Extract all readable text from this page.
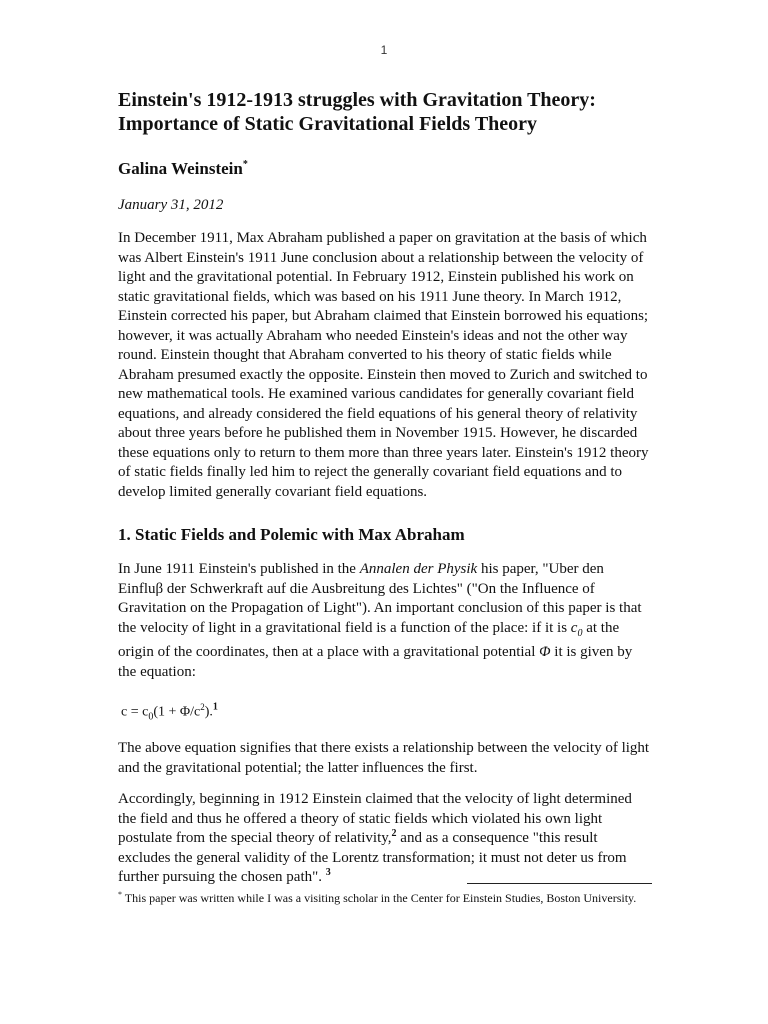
1
Einstein's 1912-1913 struggles with Gravitation Theory:
Importance of Static Gravitational Fields Theory
Galina Weinstein*
January 31, 2012

In December 1911, Max Abraham published a paper on gravitation at the basis of which was Albert Einstein's 1911 June conclusion about a relationship between the velocity of light and the gravitational potential. In February 1912, Einstein published his work on static gravitational fields, which was based on his 1911 June theory. In March 1912, Einstein corrected his paper, but Abraham claimed that Einstein borrowed his equations; however, it was actually Abraham who needed Einstein's ideas and not the other way round. Einstein thought that Abraham converted to his theory of static fields while Abraham presumed exactly the opposite. Einstein then moved to Zurich and switched to new mathematical tools. He examined various candidates for generally covariant field equations, and already considered the field equations of his general theory of relativity about three years before he published them in November 1915. However, he discarded these equations only to return to them more than three years later. Einstein's 1912 theory of static fields finally led him to reject the generally covariant field equations and to develop limited generally covariant field equations.

1. Static Fields and Polemic with Max Abraham

In June 1911 Einstein's published in the Annalen der Physik his paper, "Uber den Einfluβ der Schwerkraft auf die Ausbreitung des Lichtes" ("On the Influence of Gravitation on the Propagation of Light"). An important conclusion of this paper is that the velocity of light in a gravitational field is a function of the place: if it is $c_0$ at the origin of the coordinates, then at a place with a gravitational potential Φ it is given by the equation:

$c = c_0(1 + \Phi/c^2).^1$

The above equation signifies that there exists a relationship between the velocity of light and the gravitational potential; the latter influences the first.

Accordingly, beginning in 1912 Einstein claimed that the velocity of light determined the field and thus he offered a theory of static fields which violated his own light postulate from the special theory of relativity,$^2$ and as a consequence "this result excludes the general validity of the Lorentz transformation; it must not deter us from further pursuing the chosen path". $^3$

* This paper was written while I was a visiting scholar in the Center for Einstein Studies, Boston University.
